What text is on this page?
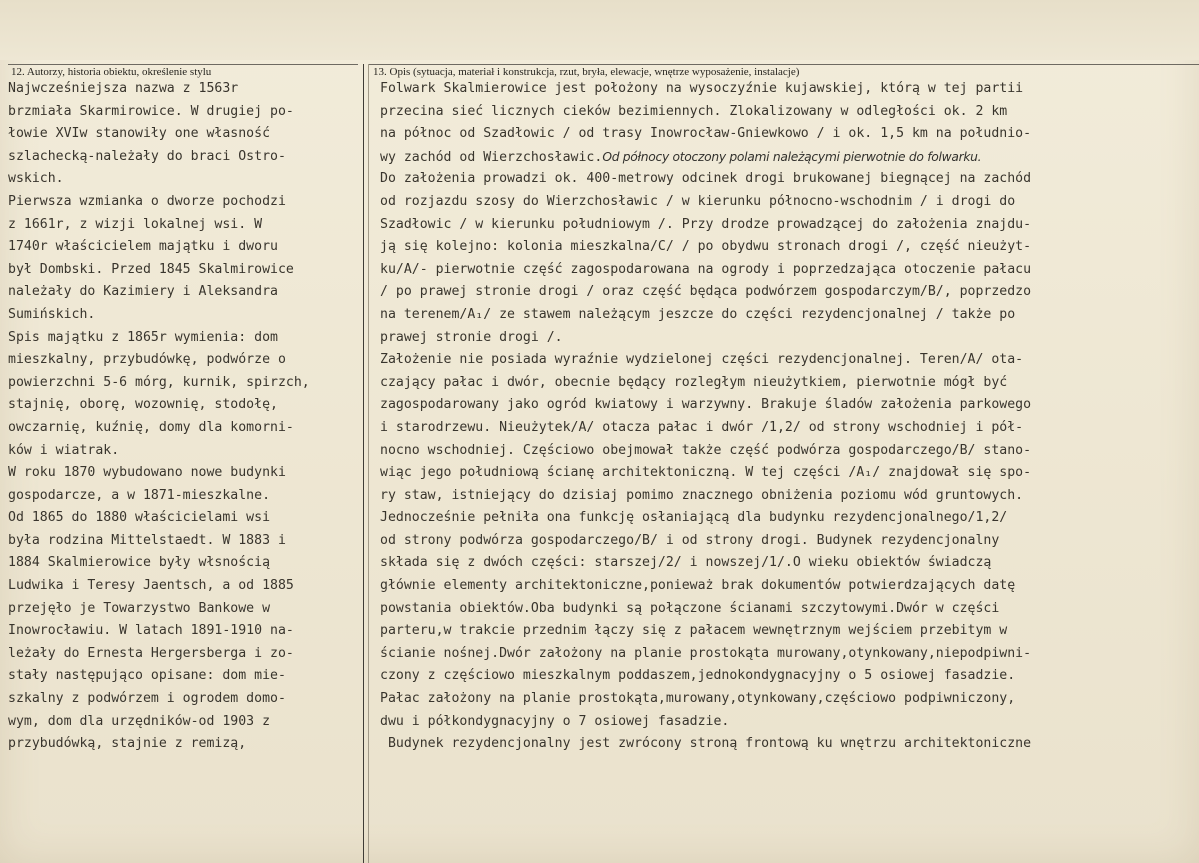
12. Autorzy, historia obiektu, określenie stylu	13. Opis (sytuacja, materiał i konstrukcja, rzut, bryła, elewacje, wnętrze wyposażenie, instalacje)
Najwcześniejsza nazwa z 1563r
brzmiała Skarmirowice. W drugiej po-
łowie XVIw stanowiły one własność
szlachecką-należały do braci Ostro-
wskich.
Pierwsza wzmianka o dworze pochodzi
z 1661r, z wizji lokalnej wsi. W
1740r właścicielem majątku i dworu
był Dombski. Przed 1845 Skalmirowice
należały do Kazimiery i Aleksandra
Sumińskich.
Spis majątku z 1865r wymienia: dom
mieszkalny, przybudówkę, podwórze o
powierzchni 5-6 mórg, kurnik, spirzch,
stajnię, oborę, wozownię, stodołę,
owczarnię, kuźnię, domy dla komorni-
ków i wiatrak.
W roku 1870 wybudowano nowe budynki
gospodarcze, a w 1871-mieszkalne.
Od 1865 do 1880 właścicielami wsi
była rodzina Mittelstaedt. W 1883 i
1884 Skalmierowice były włsnością
Ludwika i Teresy Jaentsch, a od 1885
przejęło je Towarzystwo Bankowe w
Inowrocławiu. W latach 1891-1910 na-
leżały do Ernesta Hergersberga i zo-
stały następująco opisane: dom mie-
szkalny z podwórzem i ogrodem domo-
wym, dom dla urzędników-od 1903 z
przybudówką, stajnie z remizą,
Folwark Skalmierowice jest położony na wysoczyźnie kujawskiej, którą w tej partii
przecina sieć licznych cieków bezimiennych. Zlokalizowany w odległości ok. 2 km
na północ od Szadłowic / od trasy Inowrocław-Gniewkowo / i ok. 1,5 km na południo-
wy zachód od Wierzchosławic.Od północy otoczony polami należącymi pierwotnie do folwarku.
Do założenia prowadzi ok. 400-metrowy odcinek drogi brukowanej biegnącej na zachód
od rozjazdu szosy do Wierzchosławic / w kierunku północno-wschodnim / i drogi do
Szadłowic / w kierunku południowym /. Przy drodze prowadzącej do założenia znajdu-
ją się kolejno: kolonia mieszkalna/C/ / po obydwu stronach drogi /, część nieużyt-
ku/A/- pierwotnie część zagospodarowana na ogrody i poprzedzająca otoczenie pałacu
/ po prawej stronie drogi / oraz część będąca podwórzem gospodarczym/B/, poprzedzo
na terenem/A₁/ ze stawem należącym jeszcze do części rezydencjonalnej / także po
prawej stronie drogi /.
Założenie nie posiada wyraźnie wydzielonej części rezydencjonalnej. Teren/A/ ota-
czający pałac i dwór, obecnie będący rozległym nieużytkiem, pierwotnie mógł być
zagospodarowany jako ogród kwiatowy i warzywny. Brakuje śladów założenia parkowego
i starodrzewu. Nieużytek/A/ otacza pałac i dwór /1,2/ od strony wschodniej i pół-
nocno wschodniej. Częściowo obejmował także część podwórza gospodarczego/B/ stano-
wiąc jego południową ścianę architektoniczną. W tej części /A₁/ znajdował się spo-
ry staw, istniejący do dzisiaj pomimo znacznego obniżenia poziomu wód gruntowych.
Jednocześnie pełniła ona funkcję osłaniającą dla budynku rezydencjonalnego/1,2/
od strony podwórza gospodarczego/B/ i od strony drogi. Budynek rezydencjonalny
składa się z dwóch części: starszej/2/ i nowszej/1/.O wieku obiektów świadczą
głównie elementy architektoniczne,ponieważ brak dokumentów potwierdzających datę
powstania obiektów.Oba budynki są połączone ścianami szczytowymi.Dwór w części
parteru,w trakcie przednim łączy się z pałacem wewnętrznym wejściem przebitym w
ścianie nośnej.Dwór założony na planie prostokąta murowany,otynkowany,niepodpiwni-
czony z częściowo mieszkalnym poddaszem,jednokondygnacyjny o 5 osiowej fasadzie.
Pałac założony na planie prostokąta,murowany,otynkowany,częściowo podpiwniczony,
dwu i półkondygnacyjny o 7 osiowej fasadzie.
Budynek rezydencjonalny jest zwrócony stroną frontową ku wnętrzu architektoniczne
